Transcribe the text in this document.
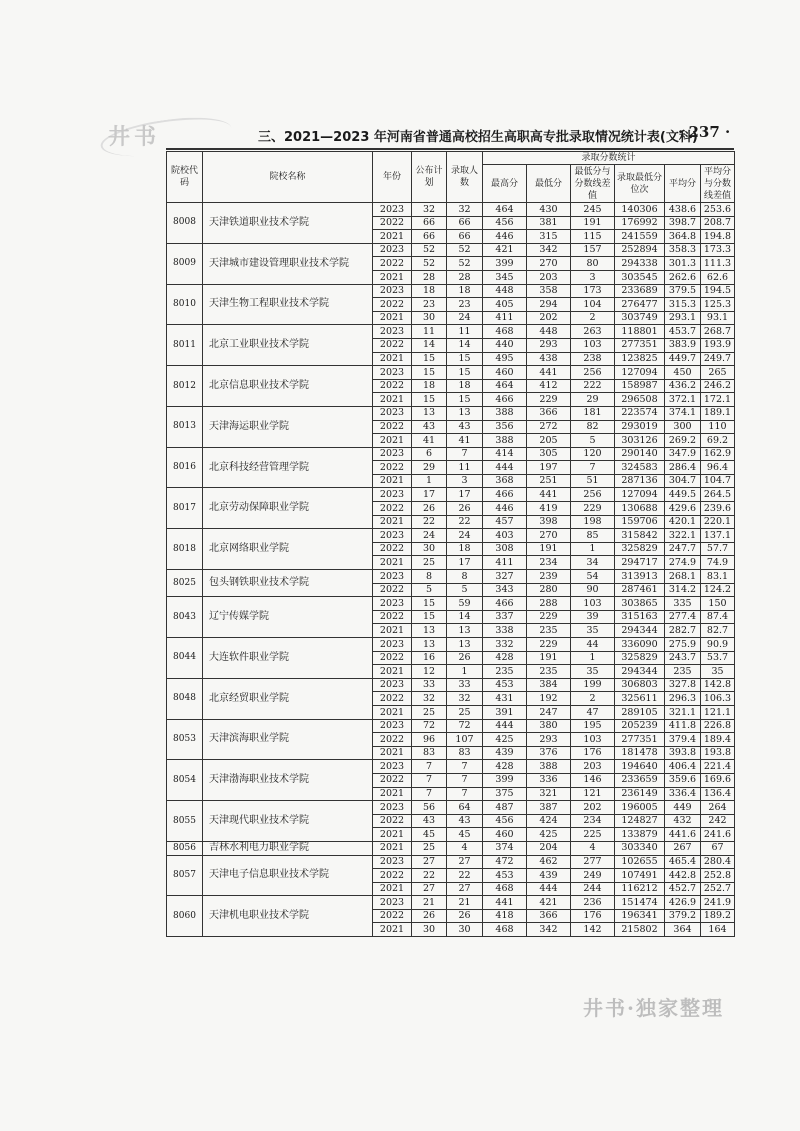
井书	三、2021—2023 年河南省普通高校招生高职高专批录取情况统计表(文科)
· 237 ·
院校代码	院校名称	年份	公布计划	录取人数	录取分数统计					
					最高分	最低分	最低分与分数线差值	录取最低分位次	平均分	平均分与分数线差值
8008	天津铁道职业技术学院	2023	32	32	464	430	245	140306	438.6	253.6
		2022	66	66	456	381	191	176992	398.7	208.7
		2021	66	66	446	315	115	241559	364.8	194.8
8009	天津城市建设管理职业技术学院	2023	52	52	421	342	157	252894	358.3	173.3
		2022	52	52	399	270	80	294338	301.3	111.3
		2021	28	28	345	203	3	303545	262.6	62.6
8010	天津生物工程职业技术学院	2023	18	18	448	358	173	233689	379.5	194.5
		2022	23	23	405	294	104	276477	315.3	125.3
		2021	30	24	411	202	2	303749	293.1	93.1
8011	北京工业职业技术学院	2023	11	11	468	448	263	118801	453.7	268.7
		2022	14	14	440	293	103	277351	383.9	193.9
		2021	15	15	495	438	238	123825	449.7	249.7
8012	北京信息职业技术学院	2023	15	15	460	441	256	127094	450	265
		2022	18	18	464	412	222	158987	436.2	246.2
		2021	15	15	466	229	29	296508	372.1	172.1
8013	天津海运职业学院	2023	13	13	388	366	181	223574	374.1	189.1
		2022	43	43	356	272	82	293019	300	110
		2021	41	41	388	205	5	303126	269.2	69.2
8016	北京科技经营管理学院	2023	6	7	414	305	120	290140	347.9	162.9
		2022	29	11	444	197	7	324583	286.4	96.4
		2021	1	3	368	251	51	287136	304.7	104.7
8017	北京劳动保障职业学院	2023	17	17	466	441	256	127094	449.5	264.5
		2022	26	26	446	419	229	130688	429.6	239.6
		2021	22	22	457	398	198	159706	420.1	220.1
8018	北京网络职业学院	2023	24	24	403	270	85	315842	322.1	137.1
		2022	30	18	308	191	1	325829	247.7	57.7
		2021	25	17	411	234	34	294717	274.9	74.9
8025	包头钢铁职业技术学院	2023	8	8	327	239	54	313913	268.1	83.1
		2022	5	5	343	280	90	287461	314.2	124.2
8043	辽宁传媒学院	2023	15	59	466	288	103	303865	335	150
		2022	15	14	337	229	39	315163	277.4	87.4
		2021	13	13	338	235	35	294344	282.7	82.7
8044	大连软件职业学院	2023	13	13	332	229	44	336090	275.9	90.9
		2022	16	26	428	191	1	325829	243.7	53.7
		2021	12	1	235	235	35	294344	235	35
8048	北京经贸职业学院	2023	33	33	453	384	199	306803	327.8	142.8
		2022	32	32	431	192	2	325611	296.3	106.3
		2021	25	25	391	247	47	289105	321.1	121.1
8053	天津滨海职业学院	2023	72	72	444	380	195	205239	411.8	226.8
		2022	96	107	425	293	103	277351	379.4	189.4
		2021	83	83	439	376	176	181478	393.8	193.8
8054	天津渤海职业技术学院	2023	7	7	428	388	203	194640	406.4	221.4
		2022	7	7	399	336	146	233659	359.6	169.6
		2021	7	7	375	321	121	236149	336.4	136.4
8055	天津现代职业技术学院	2023	56	64	487	387	202	196005	449	264
		2022	43	43	456	424	234	124827	432	242
		2021	45	45	460	425	225	133879	441.6	241.6
8056	吉林水利电力职业学院	2021	25	4	374	204	4	303340	267	67
8057	天津电子信息职业技术学院	2023	27	27	472	462	277	102655	465.4	280.4
		2022	22	22	453	439	249	107491	442.8	252.8
		2021	27	27	468	444	244	116212	452.7	252.7
8060	天津机电职业技术学院	2023	21	21	441	421	236	151474	426.9	241.9
		2022	26	26	418	366	176	196341	379.2	189.2
		2021	30	30	468	342	142	215802	364	164
井书·独家整理
